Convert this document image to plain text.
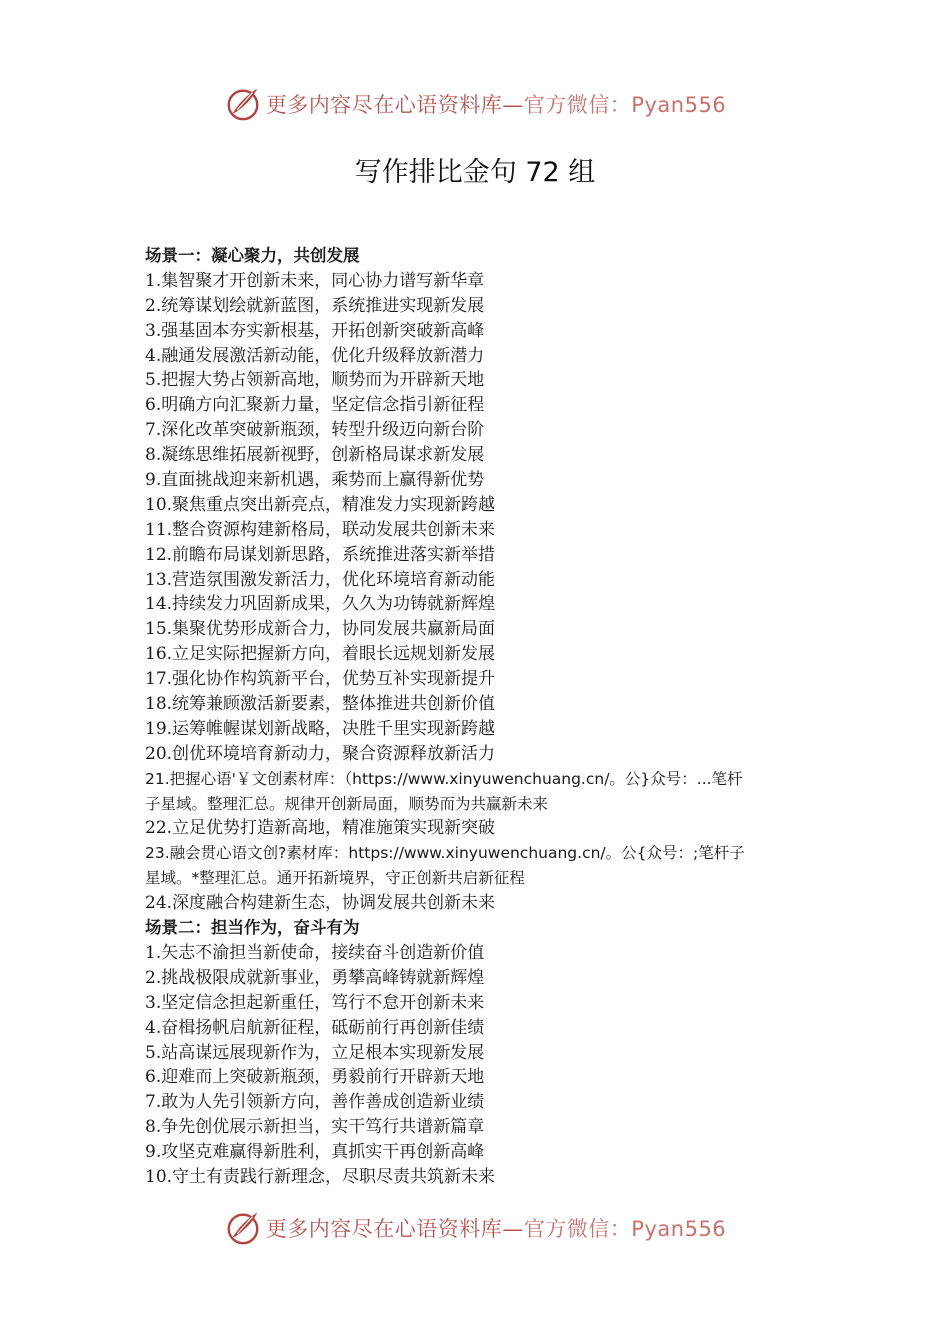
更多内容尽在心语资料库—官方微信：Pyan556
写作排比金句 72 组
场景一：凝心聚力，共创发展
1.集智聚才开创新未来，同心协力谱写新华章
2.统筹谋划绘就新蓝图，系统推进实现新发展
3.强基固本夯实新根基，开拓创新突破新高峰
4.融通发展激活新动能，优化升级释放新潜力
5.把握大势占领新高地，顺势而为开辟新天地
6.明确方向汇聚新力量，坚定信念指引新征程
7.深化改革突破新瓶颈，转型升级迈向新台阶
8.凝练思维拓展新视野，创新格局谋求新发展
9.直面挑战迎来新机遇，乘势而上赢得新优势
10.聚焦重点突出新亮点，精准发力实现新跨越
11.整合资源构建新格局，联动发展共创新未来
12.前瞻布局谋划新思路，系统推进落实新举措
13.营造氛围激发新活力，优化环境培育新动能
14.持续发力巩固新成果，久久为功铸就新辉煌
15.集聚优势形成新合力，协同发展共赢新局面
16.立足实际把握新方向，着眼长远规划新发展
17.强化协作构筑新平台，优势互补实现新提升
18.统筹兼顾激活新要素，整体推进共创新价值
19.运筹帷幄谋划新战略，决胜千里实现新跨越
20.创优环境培育新动力，聚合资源释放新活力
21.把握心语'￥文创素材库：（https://www.xinyuwenchuang.cn/。公}众号：...笔杆
子星域。整理汇总。规律开创新局面，顺势而为共赢新未来
22.立足优势打造新高地，精准施策实现新突破
23.融会贯心语文创?素材库：https://www.xinyuwenchuang.cn/。公{众号：;笔杆子
星域。*整理汇总。通开拓新境界，守正创新共启新征程
24.深度融合构建新生态，协调发展共创新未来
场景二：担当作为，奋斗有为
1.矢志不渝担当新使命，接续奋斗创造新价值
2.挑战极限成就新事业，勇攀高峰铸就新辉煌
3.坚定信念担起新重任，笃行不怠开创新未来
4.奋楫扬帆启航新征程，砥砺前行再创新佳绩
5.站高谋远展现新作为，立足根本实现新发展
6.迎难而上突破新瓶颈，勇毅前行开辟新天地
7.敢为人先引领新方向，善作善成创造新业绩
8.争先创优展示新担当，实干笃行共谱新篇章
9.攻坚克难赢得新胜利，真抓实干再创新高峰
10.守土有责践行新理念，尽职尽责共筑新未来
更多内容尽在心语资料库—官方微信：Pyan556
